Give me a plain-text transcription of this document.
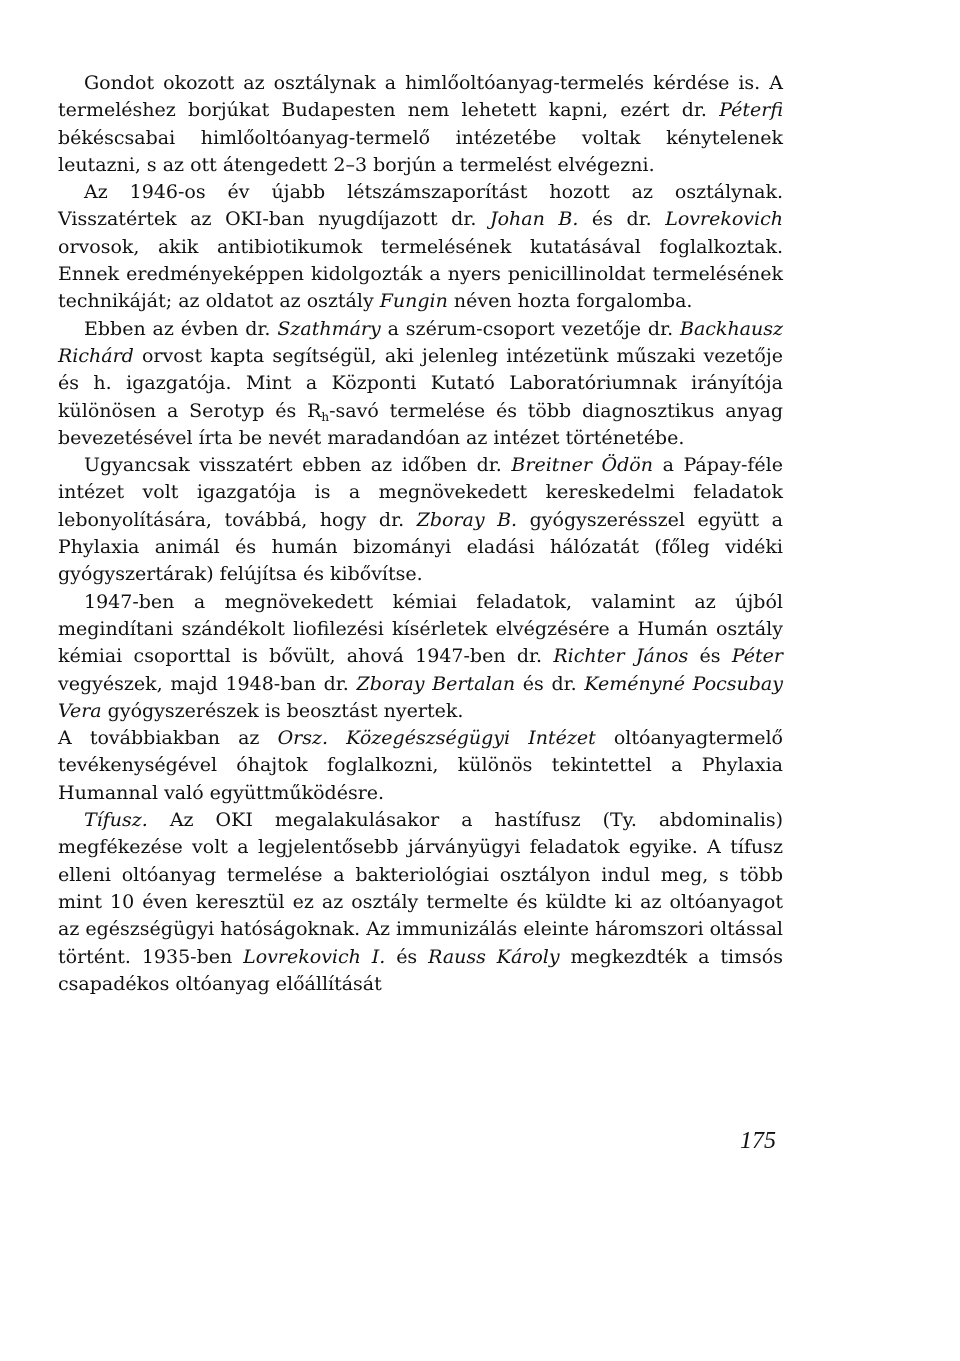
Gondot okozott az osztálynak a himlőoltóanyag-termelés kérdése is. A termeléshez borjúkat Budapesten nem lehetett kapni, ezért dr. Péterfi békéscsabai himlőoltóanyag-termelő intézetébe voltak kénytelenek leutazni, s az ott átengedett 2–3 borjún a termelést elvégezni.

Az 1946-os év újabb létszámszaporítást hozott az osztálynak. Visszatértek az OKI-ban nyugdíjazott dr. Johan B. és dr. Lovrekovich orvosok, akik antibiotikumok termelésének kutatásával foglalkoztak. Ennek eredményeképpen kidolgozták a nyers penicillinoldat termelésének technikáját; az oldatot az osztály Fungin néven hozta forgalomba.

Ebben az évben dr. Szathmáry a szérum-csoport vezetője dr. Backhausz Richárd orvost kapta segítségül, aki jelenleg intézetünk műszaki vezetője és h. igazgatója. Mint a Központi Kutató Laboratóriumnak irányítója különösen a Serotyp és $R_h$-savó termelése és több diagnosztikus anyag bevezetésével írta be nevét maradandóan az intézet történetébe.

Ugyancsak visszatért ebben az időben dr. Breitner Ödön a Pápay-féle intézet volt igazgatója is a megnövekedett kereskedelmi feladatok lebonyolítására, továbbá, hogy dr. Zboray B. gyógyszerésszel együtt a Phylaxia animál és humán bizományi eladási hálózatát (főleg vidéki gyógyszertárak) felújítsa és kibővítse.

1947-ben a megnövekedett kémiai feladatok, valamint az újból megindítani szándékolt liofilezési kísérletek elvégzésére a Humán osztály kémiai csoporttal is bővült, ahová 1947-ben dr. Richter János és Péter vegyészek, majd 1948-ban dr. Zboray Bertalan és dr. Keményné Pocsubay Vera gyógyszerészek is beosztást nyertek.

A továbbiakban az Orsz. Közegészségügyi Intézet oltóanyagtermelő tevékenységével óhajtok foglalkozni, különös tekintettel a Phylaxia Humannal való együttműködésre.

Tífusz. Az OKI megalakulásakor a hastífusz (Ty. abdominalis) megfékezése volt a legjelentősebb járványügyi feladatok egyike. A tífusz elleni oltóanyag termelése a bakteriológiai osztályon indul meg, s több mint 10 éven keresztül ez az osztály termelte és küldte ki az oltóanyagot az egészségügyi hatóságoknak. Az immunizálás eleinte háromszori oltással történt. 1935-ben Lovrekovich I. és Rauss Károly megkezdték a timsós csapadékos oltóanyag előállítását

175
